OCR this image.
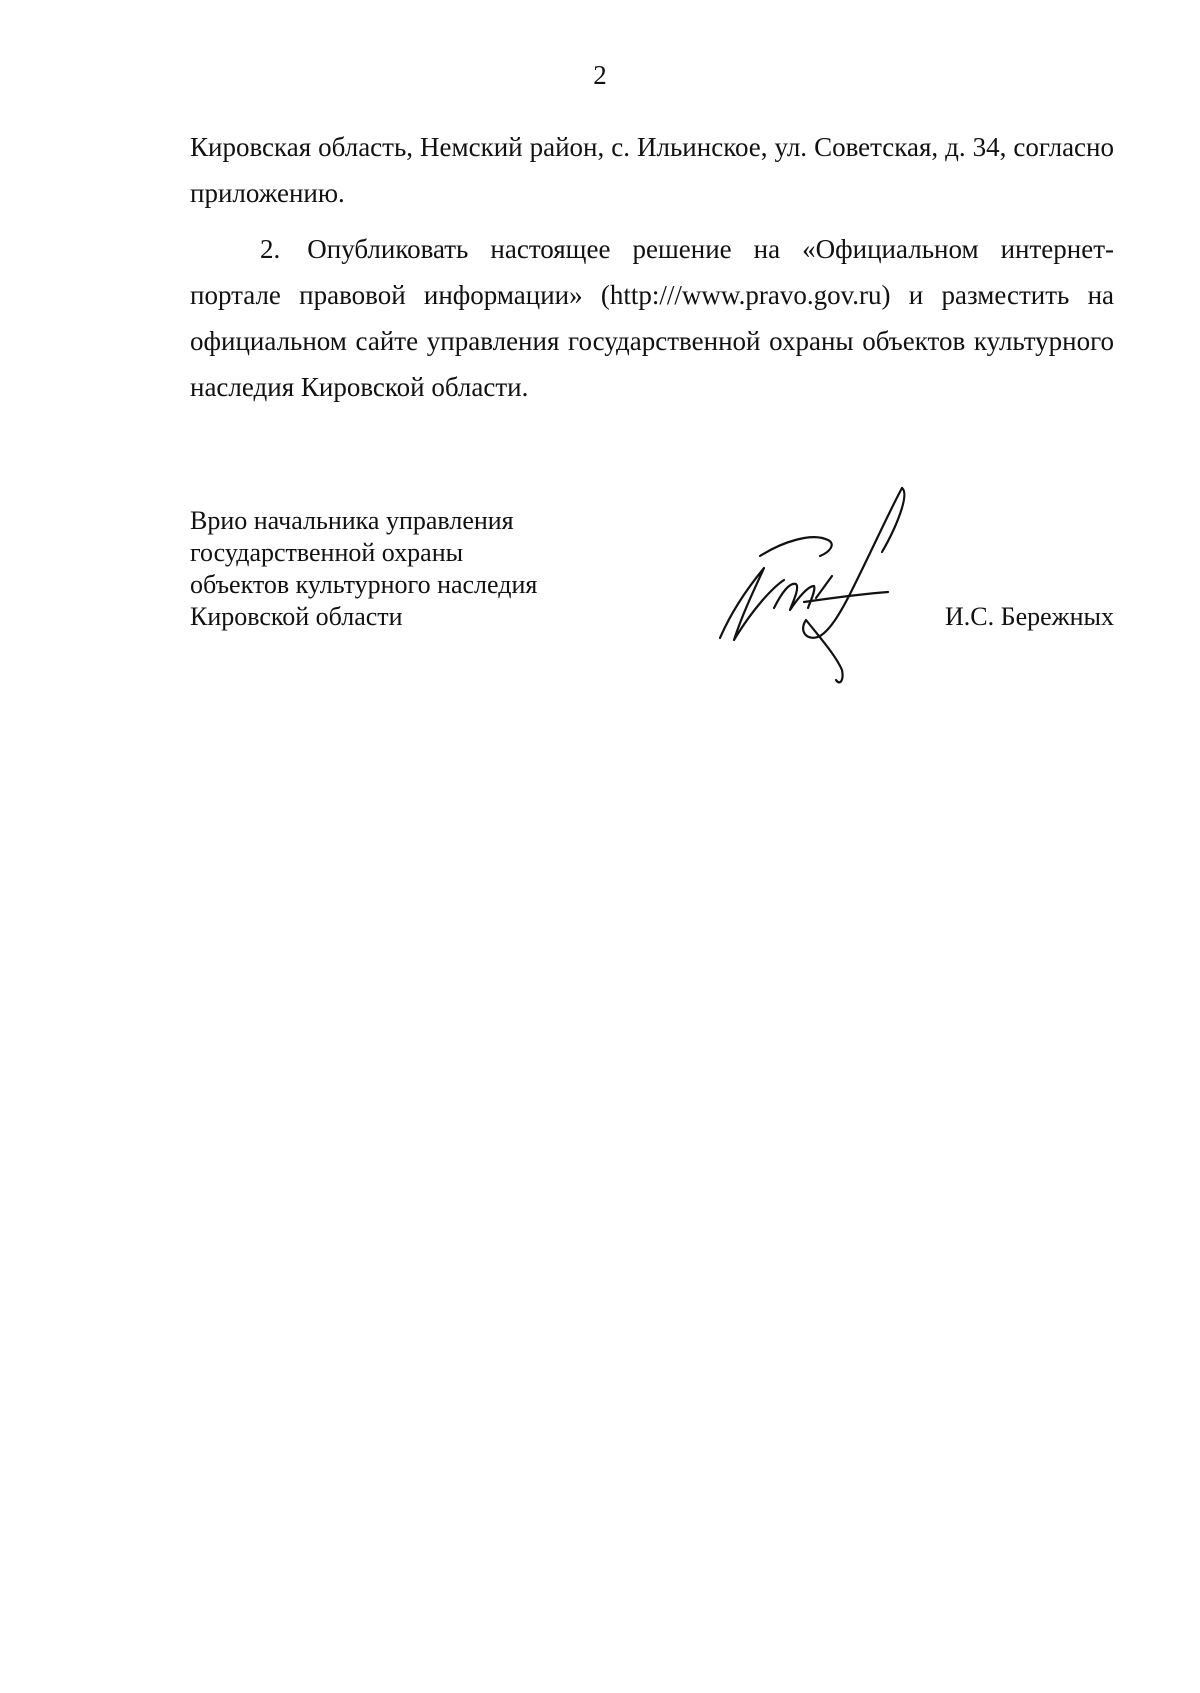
2

Кировская область, Немский район, с. Ильинское, ул. Советская, д. 34, согласно приложению.

2. Опубликовать настоящее решение на «Официальном интернет-портале правовой информации» (http:///www.pravo.gov.ru) и разместить на официальном сайте управления государственной охраны объектов культурного наследия Кировской области.

Врио начальника управления
государственной охраны
объектов культурного наследия
Кировской области	И.С. Бережных
